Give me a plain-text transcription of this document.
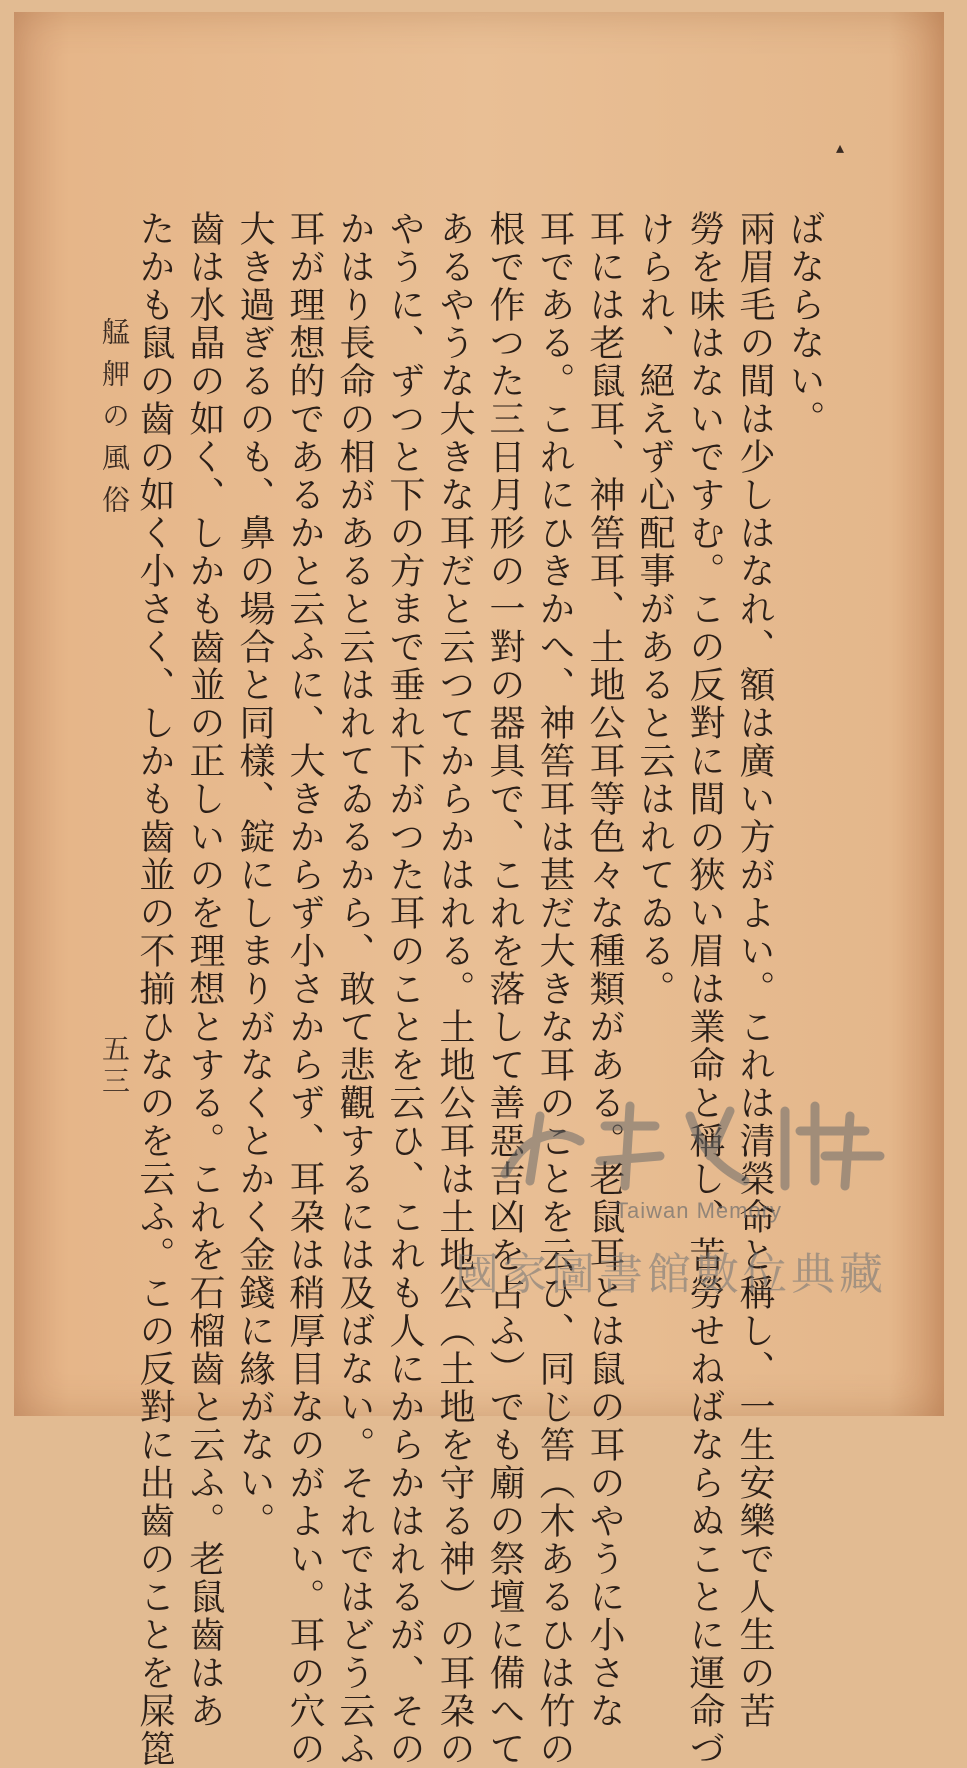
▴

ばならない。

兩眉毛の間は少しはなれ、額は廣い方がよい。これは清榮命と稱し、一生安樂で人生の苦

勞を味はないですむ。この反對に間の狹い眉は業命と稱し、苦勞せねばならぬことに運命づ

けられ、絕えず心配事があると云はれてゐる。

耳には老鼠耳、神筶耳、土地公耳等色々な種類がある。老鼠耳とは鼠の耳のやうに小さな

耳である。これにひきかへ、神筶耳は甚だ大きな耳のことを云ひ、同じ筶（木あるひは竹の

根で作つた三日月形の一對の器具で、これを落して善惡吉凶を占ふ）でも廟の祭壇に備へて

あるやうな大きな耳だと云つてからかはれる。土地公耳は土地公（土地を守る神）の耳朶の

やうに、ずつと下の方まで垂れ下がつた耳のことを云ひ、これも人にからかはれるが、その

かはり長命の相があると云はれてゐるから、敢て悲觀するには及ばない。それではどう云ふ

耳が理想的であるかと云ふに、大きからず小さからず、耳朶は稍厚目なのがよい。耳の穴の

大き過ぎるのも、鼻の場合と同樣、錠にしまりがなくとかく金錢に緣がない。

齒は水晶の如く、しかも齒並の正しいのを理想とする。これを石榴齒と云ふ。老鼠齒はあ

たかも鼠の齒の如く小さく、しかも齒並の不揃ひなのを云ふ。この反對に出齒のことを屎箆

艋舺の風俗
五三
Taiwan Memory
國家圖書館數位典藏
